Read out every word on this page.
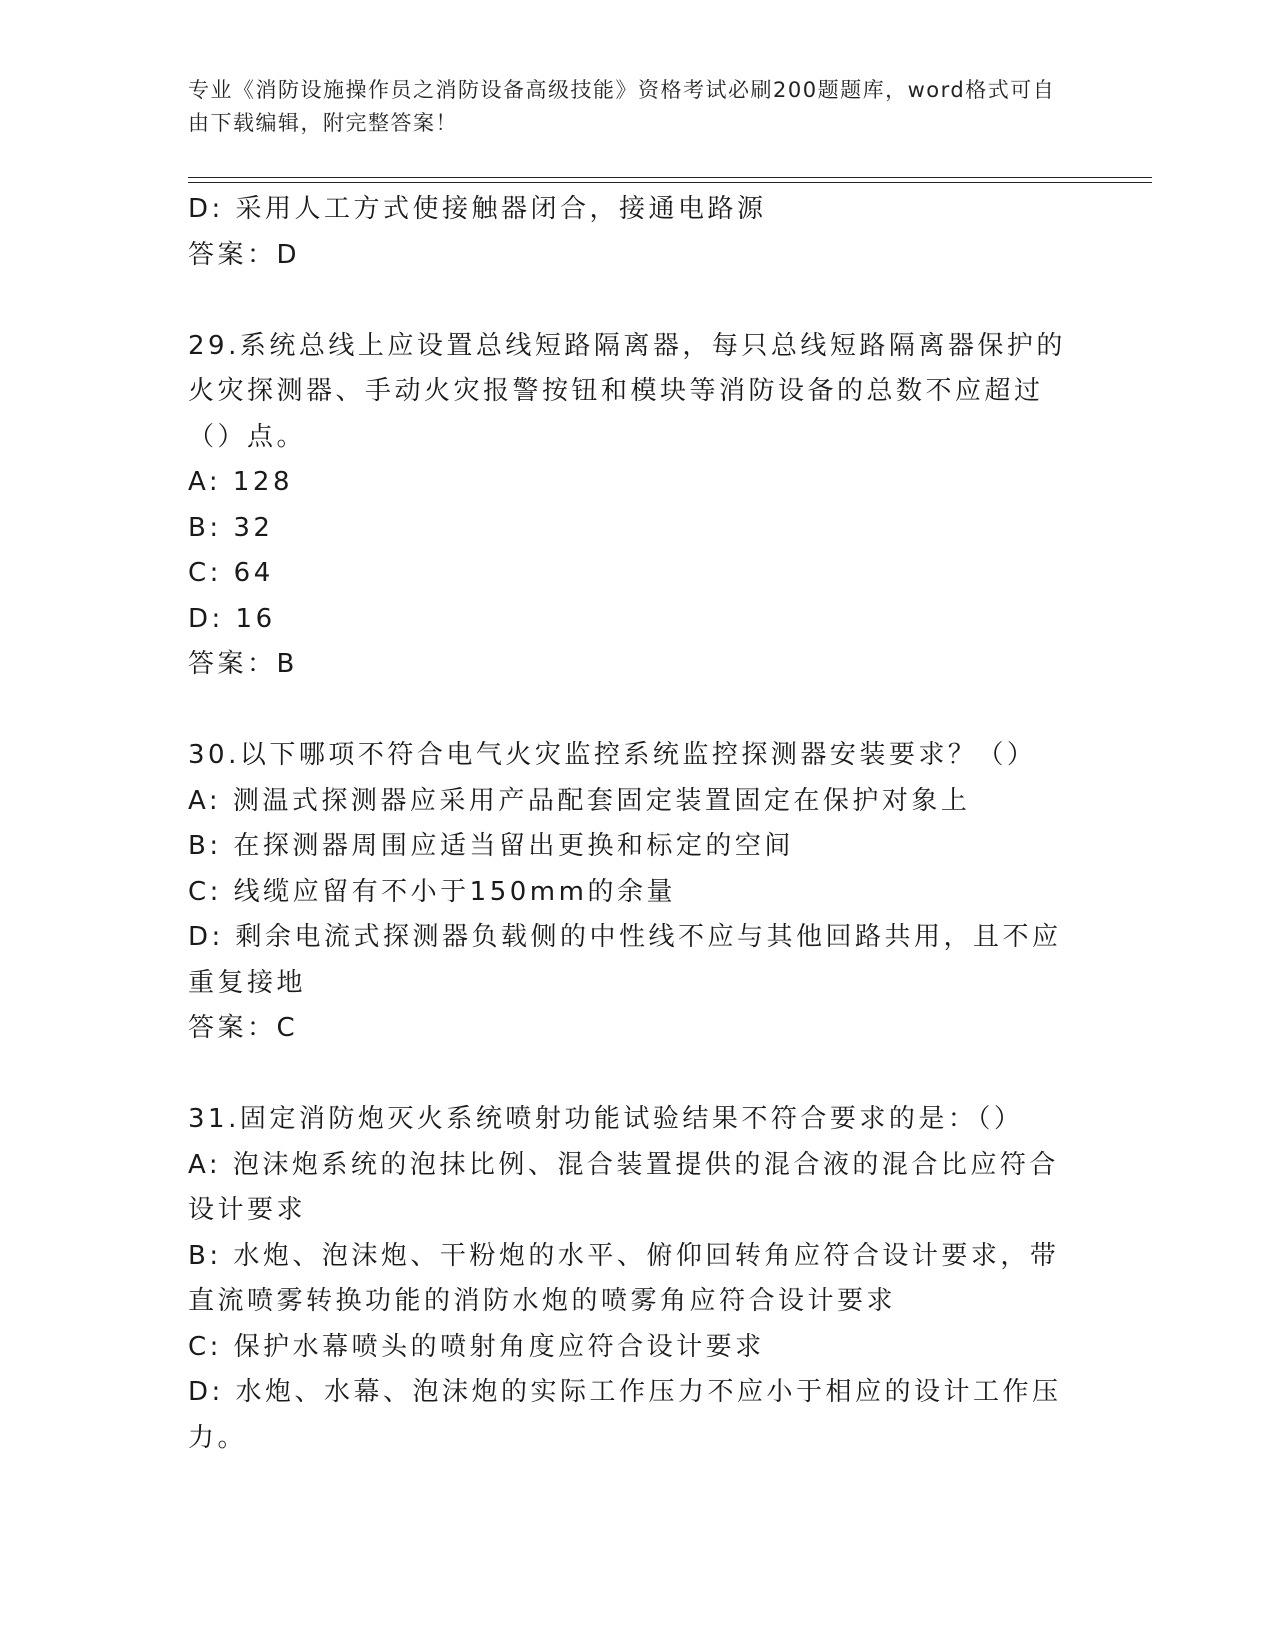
专业《消防设施操作员之消防设备高级技能》资格考试必刷200题题库，word格式可自由下载编辑，附完整答案！
D: 采用人工方式使接触器闭合，接通电路源
答案：D
29.系统总线上应设置总线短路隔离器，每只总线短路隔离器保护的火灾探测器、手动火灾报警按钮和模块等消防设备的总数不应超过（）点。
A: 128
B: 32
C: 64
D: 16
答案：B
30.以下哪项不符合电气火灾监控系统监控探测器安装要求？（）
A: 测温式探测器应采用产品配套固定装置固定在保护对象上
B: 在探测器周围应适当留出更换和标定的空间
C: 线缆应留有不小于150mm的余量
D: 剩余电流式探测器负载侧的中性线不应与其他回路共用，且不应重复接地
答案：C
31.固定消防炮灭火系统喷射功能试验结果不符合要求的是：（）
A: 泡沫炮系统的泡抹比例、混合装置提供的混合液的混合比应符合设计要求
B: 水炮、泡沫炮、干粉炮的水平、俯仰回转角应符合设计要求，带直流喷雾转换功能的消防水炮的喷雾角应符合设计要求
C: 保护水幕喷头的喷射角度应符合设计要求
D: 水炮、水幕、泡沫炮的实际工作压力不应小于相应的设计工作压力。
